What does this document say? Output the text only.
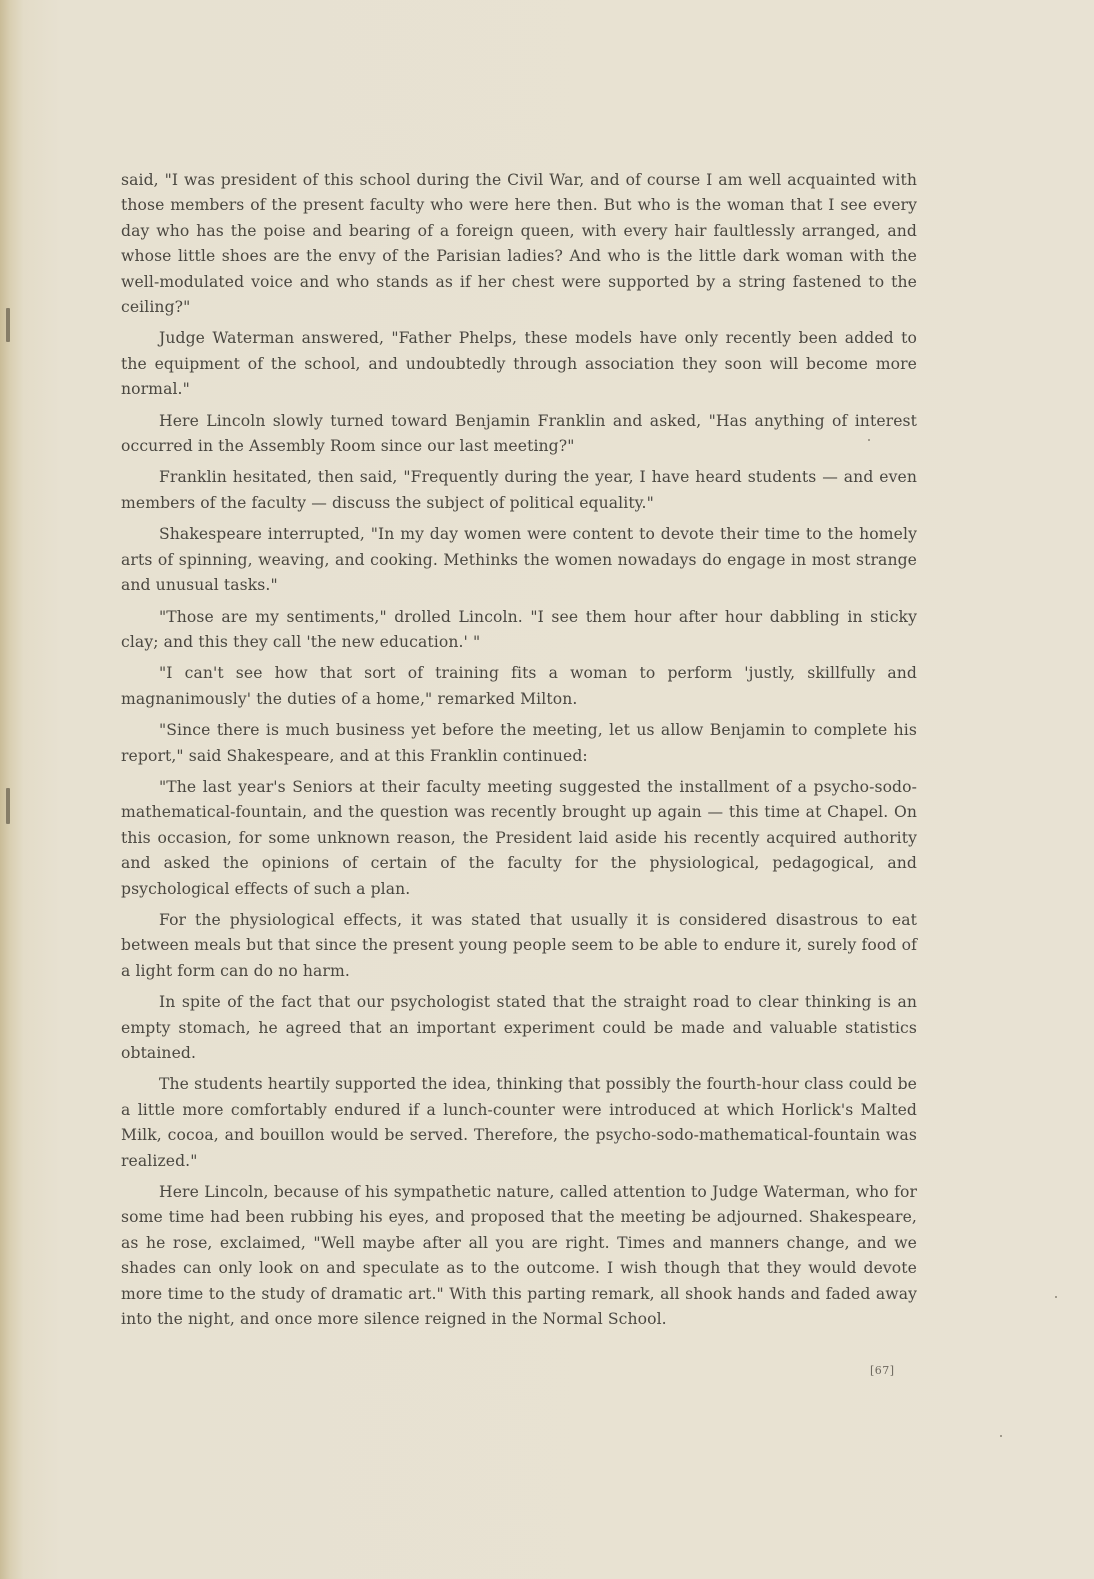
said, "I was president of this school during the Civil War, and of course I am well acquainted with those members of the present faculty who were here then. But who is the woman that I see every day who has the poise and bearing of a foreign queen, with every hair faultlessly arranged, and whose little shoes are the envy of the Parisian ladies? And who is the little dark woman with the well-modulated voice and who stands as if her chest were supported by a string fastened to the ceiling?"

Judge Waterman answered, "Father Phelps, these models have only recently been added to the equipment of the school, and undoubtedly through association they soon will become more normal."

Here Lincoln slowly turned toward Benjamin Franklin and asked, "Has anything of interest occurred in the Assembly Room since our last meeting?"

Franklin hesitated, then said, "Frequently during the year, I have heard students — and even members of the faculty — discuss the subject of political equality."

Shakespeare interrupted, "In my day women were content to devote their time to the homely arts of spinning, weaving, and cooking. Methinks the women nowadays do engage in most strange and unusual tasks."

"Those are my sentiments," drolled Lincoln. "I see them hour after hour dabbling in sticky clay; and this they call 'the new education.' "

"I can't see how that sort of training fits a woman to perform 'justly, skillfully and magnanimously' the duties of a home," remarked Milton.

"Since there is much business yet before the meeting, let us allow Benjamin to complete his report," said Shakespeare, and at this Franklin continued:

"The last year's Seniors at their faculty meeting suggested the installment of a psycho-sodo-mathematical-fountain, and the question was recently brought up again — this time at Chapel. On this occasion, for some unknown reason, the President laid aside his recently acquired authority and asked the opinions of certain of the faculty for the physiological, pedagogical, and psychological effects of such a plan.

For the physiological effects, it was stated that usually it is considered disastrous to eat between meals but that since the present young people seem to be able to endure it, surely food of a light form can do no harm.

In spite of the fact that our psychologist stated that the straight road to clear thinking is an empty stomach, he agreed that an important experiment could be made and valuable statistics obtained.

The students heartily supported the idea, thinking that possibly the fourth-hour class could be a little more comfortably endured if a lunch-counter were introduced at which Horlick's Malted Milk, cocoa, and bouillon would be served. Therefore, the psycho-sodo-mathematical-fountain was realized."

Here Lincoln, because of his sympathetic nature, called attention to Judge Waterman, who for some time had been rubbing his eyes, and proposed that the meeting be adjourned. Shakespeare, as he rose, exclaimed, "Well maybe after all you are right. Times and manners change, and we shades can only look on and speculate as to the outcome. I wish though that they would devote more time to the study of dramatic art." With this parting remark, all shook hands and faded away into the night, and once more silence reigned in the Normal School.

[67]
